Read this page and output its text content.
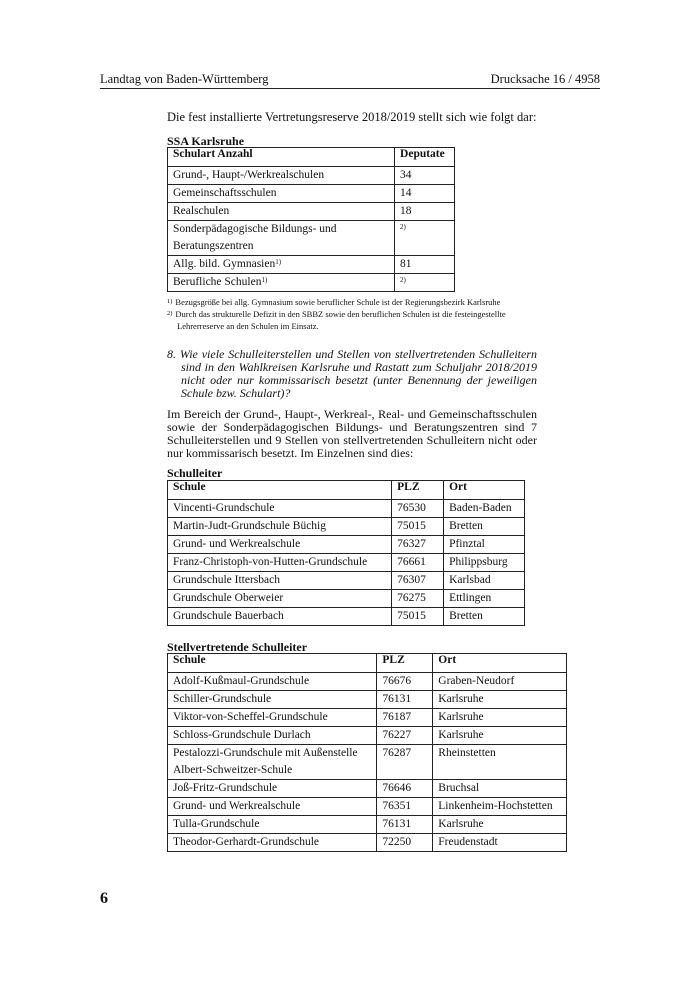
Landtag von Baden-Württemberg	Drucksache 16 / 4958
Die fest installierte Vertretungsreserve 2018/2019 stellt sich wie folgt dar:
SSA Karlsruhe
Schulart Anzahl	Deputate
Grund-, Haupt-/Werkrealschulen	34
Gemeinschaftsschulen	14
Realschulen	18
Sonderpädagogische Bildungs- und Beratungszentren	$^{2)}$
Allg. bild. Gymnasien$^{1)}$	81
Berufliche Schulen$^{1)}$	$^{2)}$
$^{1)}$ Bezugsgröße bei allg. Gymnasium sowie beruflicher Schule ist der Regierungsbezirk Karlsruhe
$^{2)}$ Durch das strukturelle Defizit in den SBBZ sowie den beruflichen Schulen ist die festeingestellte Lehrerreserve an den Schulen im Einsatz.
8. Wie viele Schulleiterstellen und Stellen von stellvertretenden Schulleitern sind in den Wahlkreisen Karlsruhe und Rastatt zum Schuljahr 2018/2019 nicht oder nur kommissarisch besetzt (unter Benennung der jeweiligen Schule bzw. Schulart)?
Im Bereich der Grund-, Haupt-, Werkreal-, Real- und Gemeinschaftsschulen sowie der Sonderpädagogischen Bildungs- und Beratungszentren sind 7 Schulleiterstellen und 9 Stellen von stellvertretenden Schulleitern nicht oder nur kommissarisch besetzt. Im Einzelnen sind dies:
Schulleiter
Schule	PLZ	Ort
Vincenti-Grundschule	76530	Baden-Baden
Martin-Judt-Grundschule Büchig	75015	Bretten
Grund- und Werkrealschule	76327	Pfinztal
Franz-Christoph-von-Hutten-Grundschule	76661	Philippsburg
Grundschule Ittersbach	76307	Karlsbad
Grundschule Oberweier	76275	Ettlingen
Grundschule Bauerbach	75015	Bretten
Stellvertretende Schulleiter
Schule	PLZ	Ort
Adolf-Kußmaul-Grundschule	76676	Graben-Neudorf
Schiller-Grundschule	76131	Karlsruhe
Viktor-von-Scheffel-Grundschule	76187	Karlsruhe
Schloss-Grundschule Durlach	76227	Karlsruhe
Pestalozzi-Grundschule mit Außenstelle Albert-Schweitzer-Schule	76287	Rheinstetten
Joß-Fritz-Grundschule	76646	Bruchsal
Grund- und Werkrealschule	76351	Linkenheim-Hochstetten
Tulla-Grundschule	76131	Karlsruhe
Theodor-Gerhardt-Grundschule	72250	Freudenstadt
6
